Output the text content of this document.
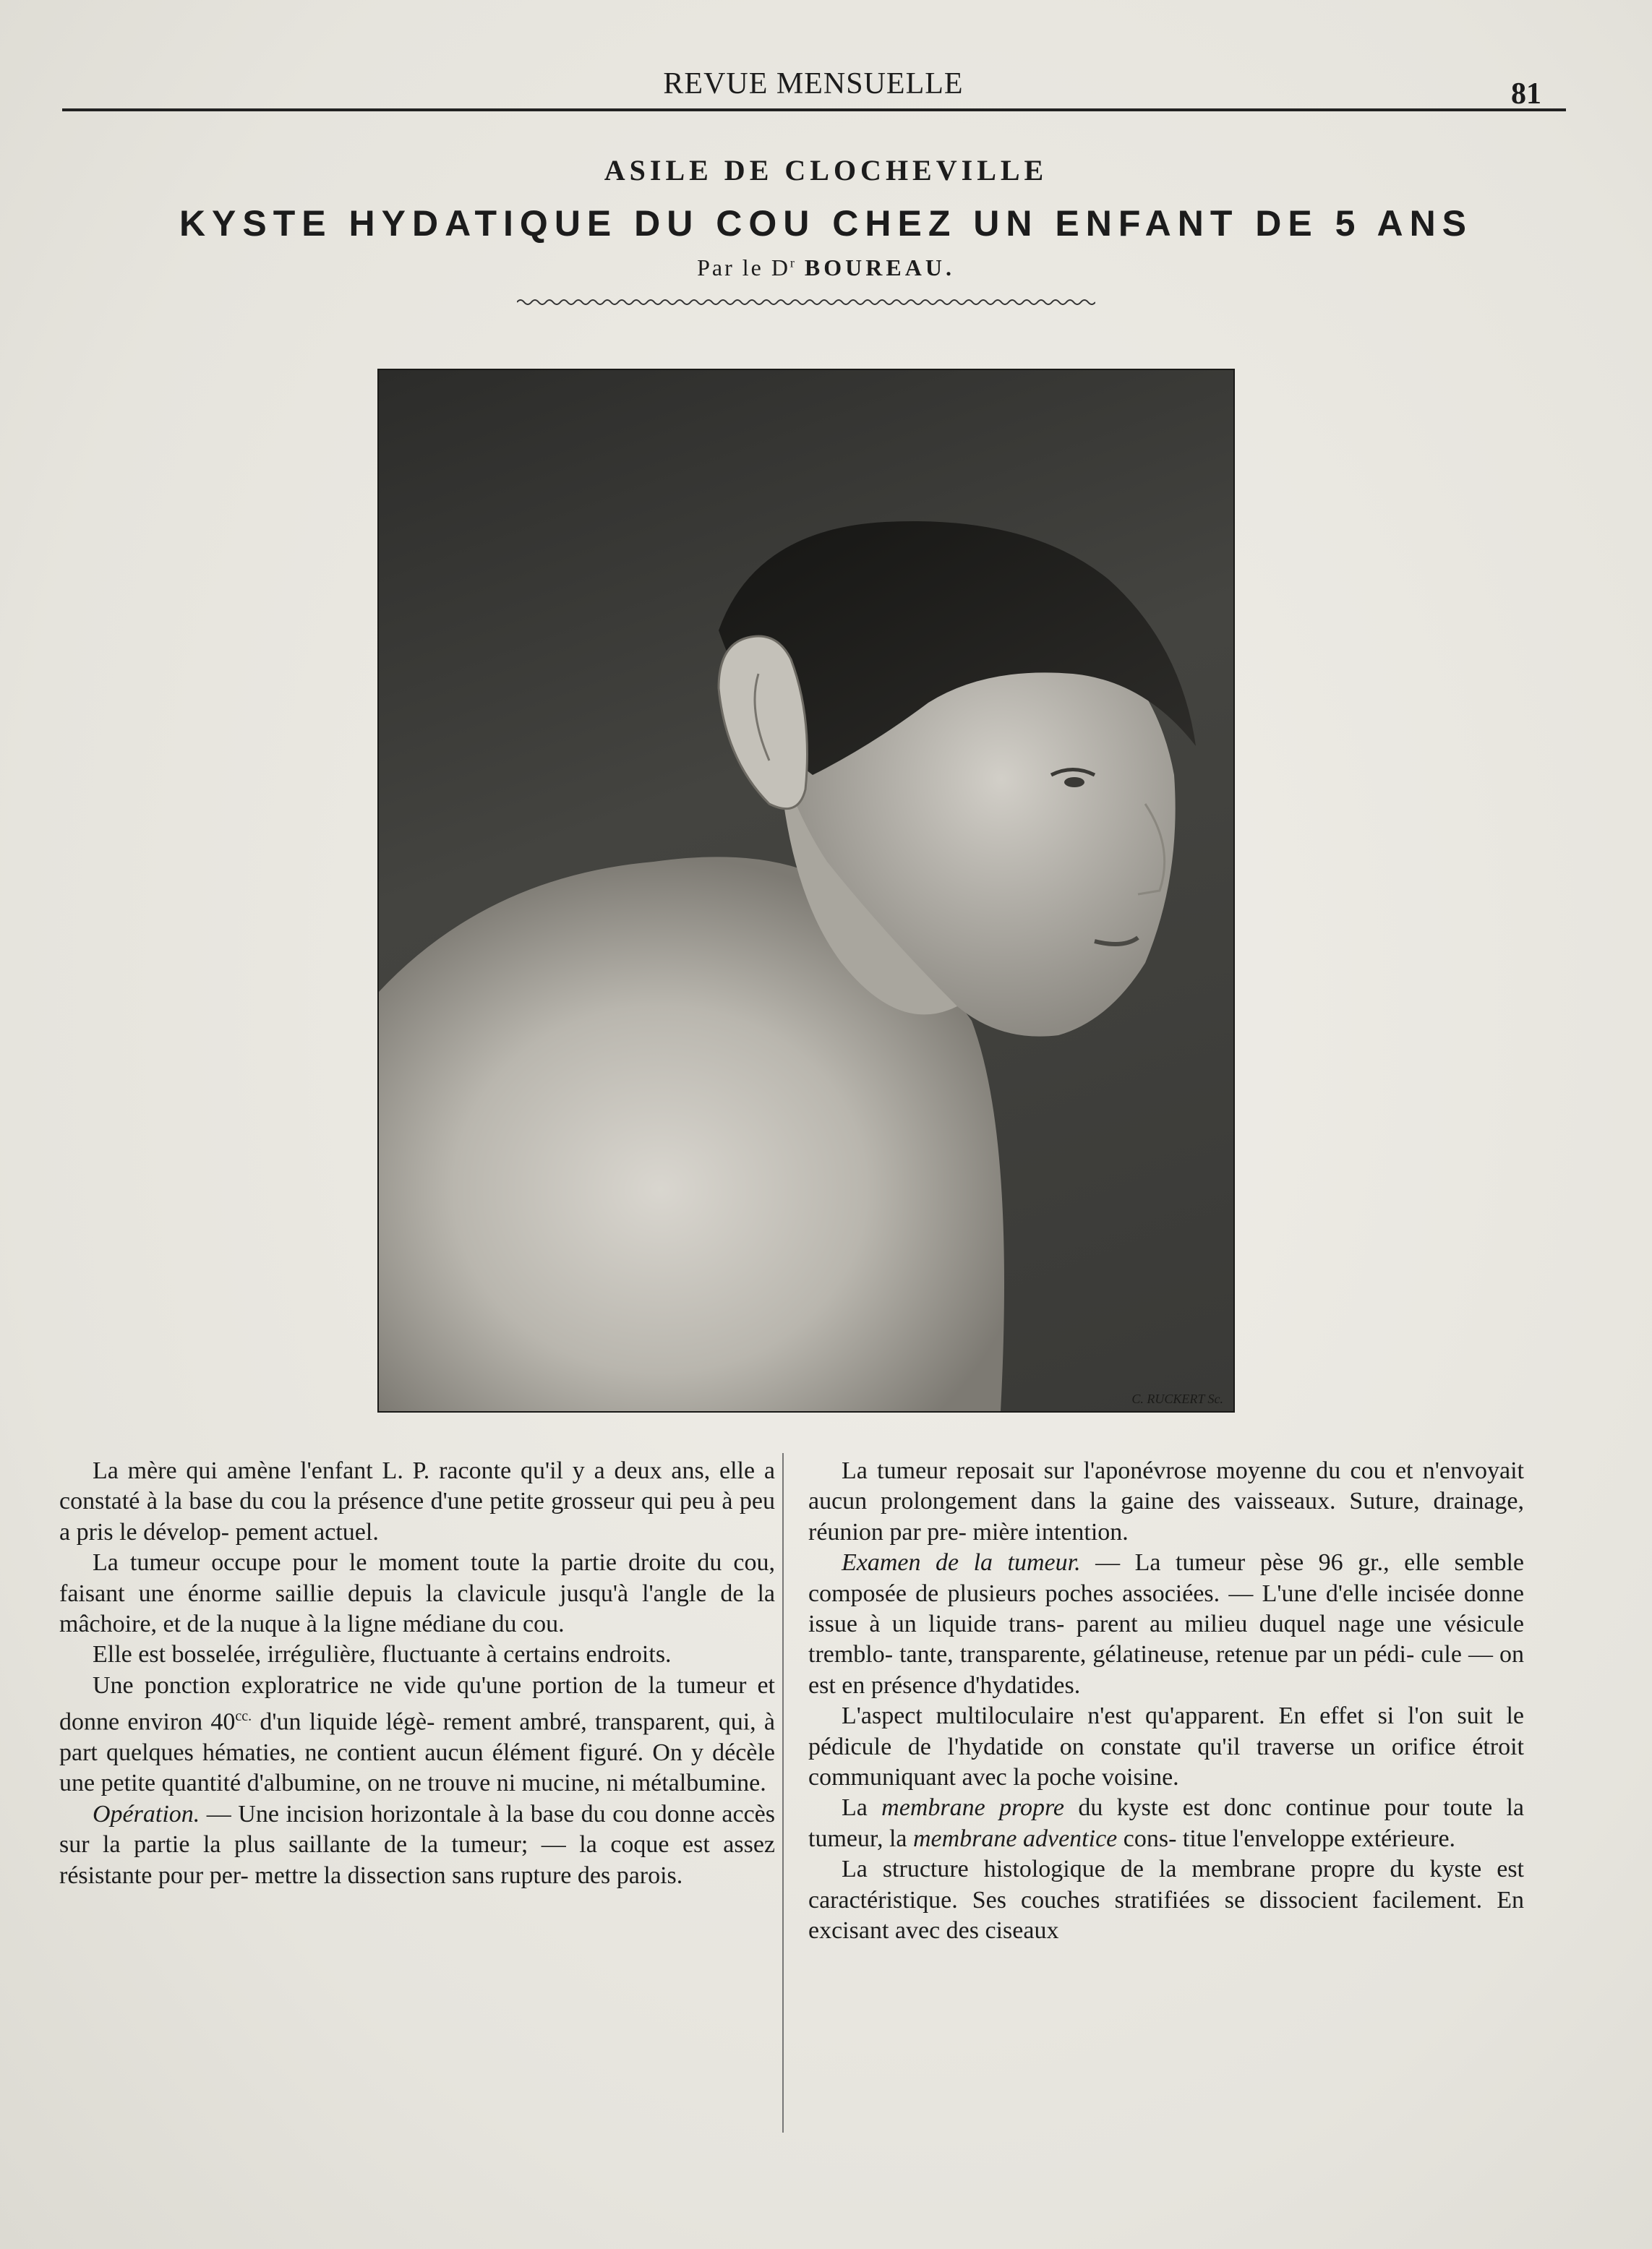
REVUE MENSUELLE	81
ASILE DE CLOCHEVILLE
KYSTE HYDATIQUE DU COU CHEZ UN ENFANT DE 5 ANS
Par le $D^r$ BOUREAU.
C. RUCKERT Sc.

La mère qui amène l'enfant L. P. raconte qu'il y a deux ans, elle a constaté à la base du cou la présence d'une petite grosseur qui peu à peu a pris le dévelop- pement actuel.

La tumeur occupe pour le moment toute la partie droite du cou, faisant une énorme saillie depuis la clavicule jusqu'à l'angle de la mâchoire, et de la nuque à la ligne médiane du cou.

Elle est bosselée, irrégulière, fluctuante à certains endroits.

Une ponction exploratrice ne vide qu'une portion de la tumeur et donne environ $40^{cc.}$ d'un liquide légè- rement ambré, transparent, qui, à part quelques hématies, ne contient aucun élément figuré. On y décèle une petite quantité d'albumine, on ne trouve ni mucine, ni métalbumine.

Opération. — Une incision horizontale à la base du cou donne accès sur la partie la plus saillante de la tumeur; — la coque est assez résistante pour per- mettre la dissection sans rupture des parois.

La tumeur reposait sur l'aponévrose moyenne du cou et n'envoyait aucun prolongement dans la gaine des vaisseaux. Suture, drainage, réunion par pre- mière intention.

Examen de la tumeur. — La tumeur pèse 96 gr., elle semble composée de plusieurs poches associées. — L'une d'elle incisée donne issue à un liquide trans- parent au milieu duquel nage une vésicule tremblo- tante, transparente, gélatineuse, retenue par un pédi- cule — on est en présence d'hydatides.

L'aspect multiloculaire n'est qu'apparent. En effet si l'on suit le pédicule de l'hydatide on constate qu'il traverse un orifice étroit communiquant avec la poche voisine.

La membrane propre du kyste est donc continue pour toute la tumeur, la membrane adventice cons- titue l'enveloppe extérieure.

La structure histologique de la membrane propre du kyste est caractéristique. Ses couches stratifiées se dissocient facilement. En excisant avec des ciseaux
